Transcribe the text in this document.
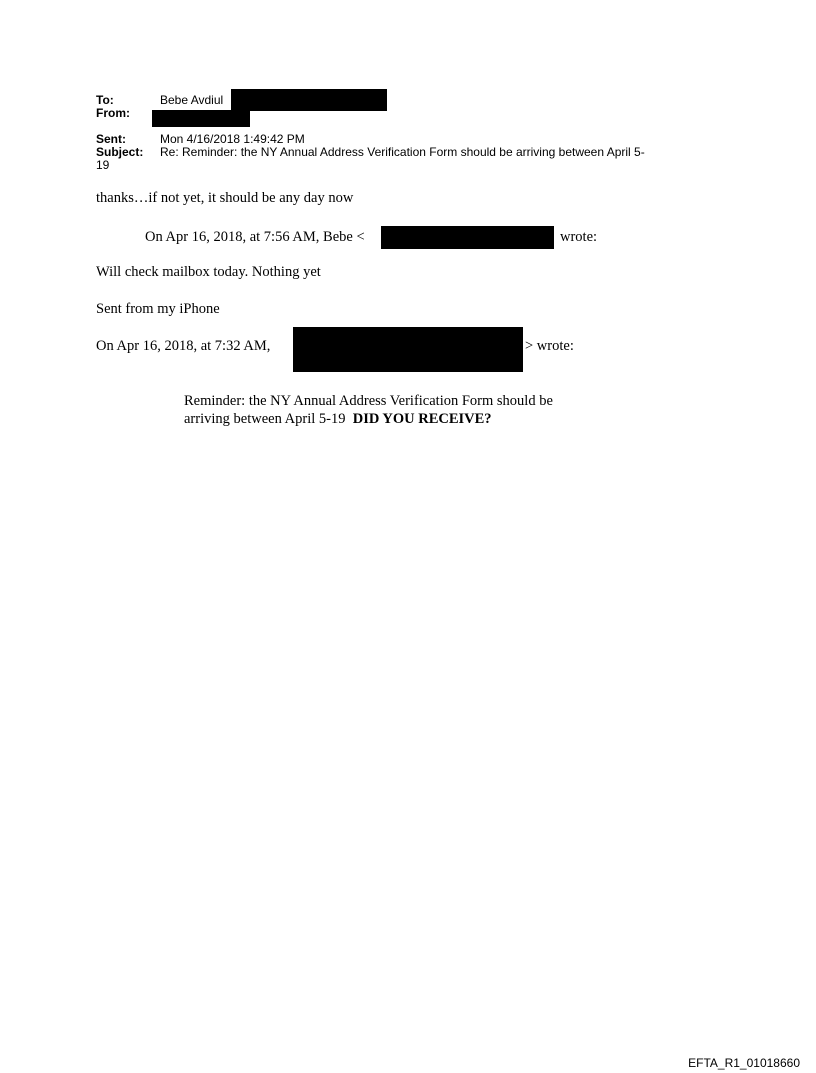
To:	Bebe Avdiul
From:
Sent:	Mon 4/16/2018 1:49:42 PM
Subject: Re: Reminder: the NY Annual Address Verification Form should be arriving between April 5-
19
thanks…if not yet, it should be any day now
On Apr 16, 2018, at 7:56 AM, Bebe <	wrote:
Will check mailbox today. Nothing yet
Sent from my iPhone
On Apr 16, 2018, at 7:32 AM,	> wrote:
Reminder: the NY Annual Address Verification Form should be
arriving between April 5-19 DID YOU RECEIVE?
EFTA_R1_01018660
